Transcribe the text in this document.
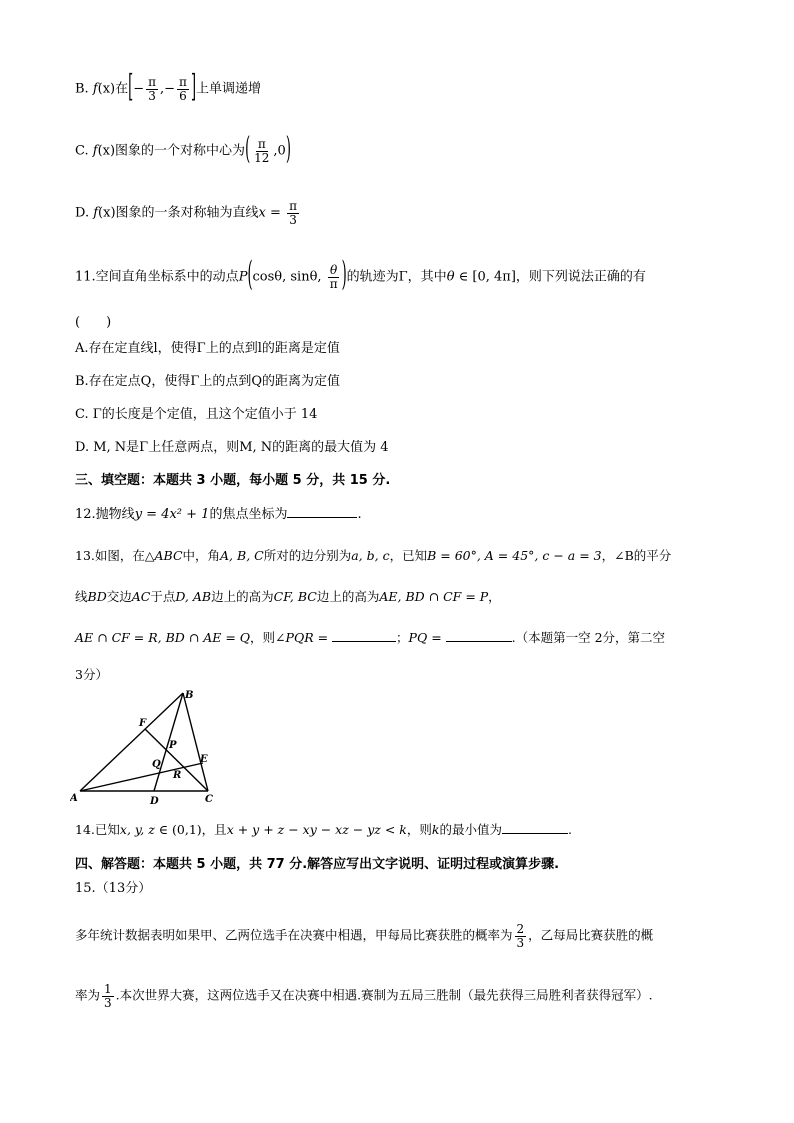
B. f(x)在[− $\frac{\pi}{3}$ ,− $\frac{\pi}{6}$ ]上单调递增
C. f(x)图象的一个对称中心为( $\frac{\pi}{12} ,0$)
D. f(x)图象的一条对称轴为直线$x = \frac{\pi}{3}$
11.空间直角坐标系中的动点P(cosθ, sinθ, $\frac{\theta}{\pi}$ )的轨迹为Γ，其中θ ∈ [0, 4π]，则下列说法正确的有
(　　)
A.存在定直线l，使得Γ上的点到l的距离是定值
B.存在定点Q，使得Γ上的点到Q的距离为定值
C. Γ的长度是个定值，且这个定值小于 14
D. M, N是Γ上任意两点，则M, N的距离的最大值为 4
三、填空题：本题共 3 小题，每小题 5 分，共 15 分.
12.抛物线y = 4x² + 1的焦点坐标为	.
13.如图，在△ABC中，角A, B, C所对的边分别为a, b, c，已知B = 60°, A = 45°, c − a = 3，∠B的平分
线BD交边AC于点D, AB边上的高为CF, BC边上的高为AE, BD ∩ CF = P，
AE ∩ CF = R, BD ∩ AE = Q，则∠PQR =	；PQ =	.（本题第一空 2分，第二空
3分）
A
B
C
D
E
F
P
Q
R
14.已知x, y, z ∈ (0,1)，且x + y + z − xy − xz − yz < k，则k的最小值为	.
四、解答题：本题共 5 小题，共 77 分.解答应写出文字说明、证明过程或演算步骤.
15.（13分）
多年统计数据表明如果甲、乙两位选手在决赛中相遇，甲每局比赛获胜的概率为 $\frac{2}{3}$ ，乙每局比赛获胜的概
率为 $\frac{1}{3}$ .本次世界大赛，这两位选手又在决赛中相遇.赛制为五局三胜制（最先获得三局胜利者获得冠军）.
